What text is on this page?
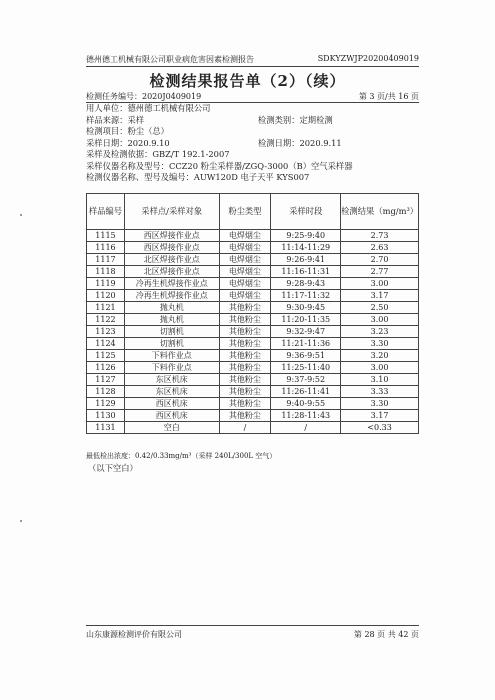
德州德工机械有限公司职业病危害因素检测报告	SDKYZWJP20200409019
检测结果报告单（2）（续）
检测任务编号：2020J0409019	第 3 页/共 16 页
用人单位：德州德工机械有限公司
样品来源：采样	检测类别：定期检测
检测项目：粉尘（总）
采样日期：2020.9.10	检测日期：2020.9.11
采样及检测依据：GBZ/T 192.1-2007
采样仪器名称及型号：CCZ20 粉尘采样器/ZGQ-3000（B）空气采样器
检测仪器名称、型号及编号：AUW120D 电子天平 KYS007
样品编号	采样点/采样对象	粉尘类型	采样时段	检测结果（mg/m³）
1115	西区焊接作业点	电焊烟尘	9:25-9:40	2.73
1116	西区焊接作业点	电焊烟尘	11:14-11:29	2.63
1117	北区焊接作业点	电焊烟尘	9:26-9:41	2.70
1118	北区焊接作业点	电焊烟尘	11:16-11:31	2.77
1119	冷再生机焊接作业点	电焊烟尘	9:28-9:43	3.00
1120	冷再生机焊接作业点	电焊烟尘	11:17-11:32	3.17
1121	抛丸机	其他粉尘	9:30-9:45	2.50
1122	抛丸机	其他粉尘	11:20-11:35	3.00
1123	切割机	其他粉尘	9:32-9:47	3.23
1124	切割机	其他粉尘	11:21-11:36	3.30
1125	下料作业点	其他粉尘	9:36-9:51	3.20
1126	下料作业点	其他粉尘	11:25-11:40	3.00
1127	东区机床	其他粉尘	9:37-9:52	3.10
1128	东区机床	其他粉尘	11:26-11:41	3.33
1129	西区机床	其他粉尘	9:40-9:55	3.30
1130	西区机床	其他粉尘	11:28-11:43	3.17
1131	空白	/	/	<0.33
最低检出浓度：0.42/0.33mg/m³（采样 240L/300L 空气）
（以下空白）
山东康源检测评价有限公司	第 28 页 共 42 页
